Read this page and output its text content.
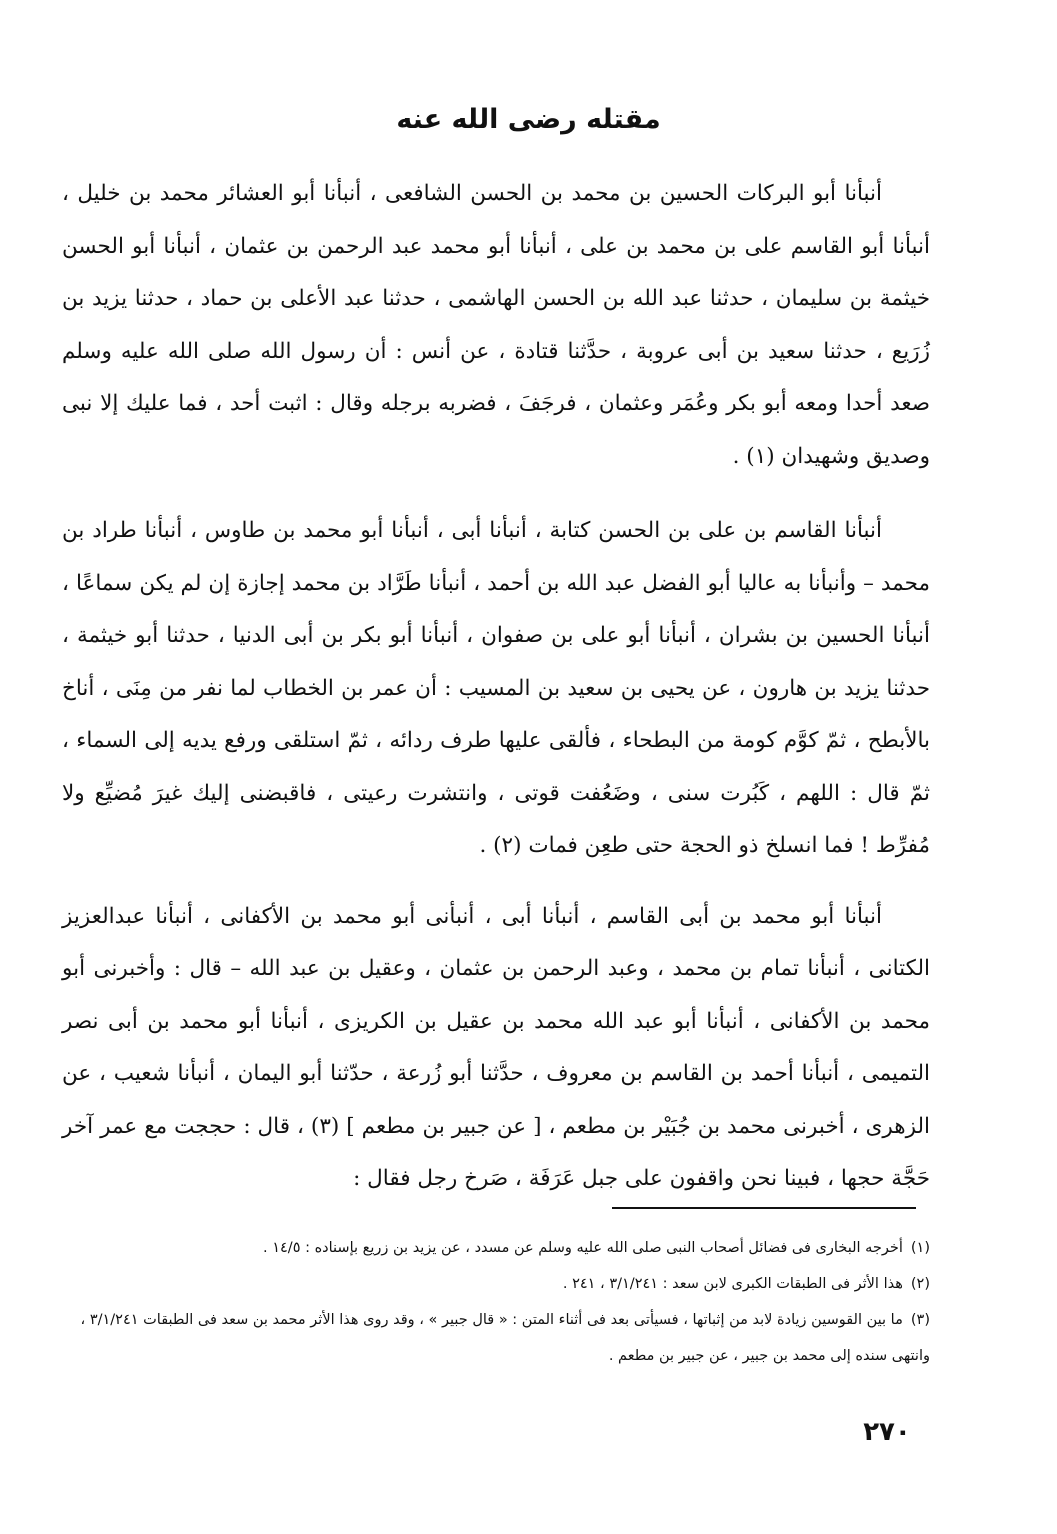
مقتله رضى الله عنه

أنبأنا أبو البركات الحسين بن محمد بن الحسن الشافعى ، أنبأنا أبو العشائر محمد بن خليل ، أنبأنا أبو القاسم على بن محمد بن على ، أنبأنا أبو محمد عبد الرحمن بن عثمان ، أنبأنا أبو الحسن خيثمة بن سليمان ، حدثنا عبد الله بن الحسن الهاشمى ، حدثنا عبد الأعلى بن حماد ، حدثنا يزيد بن زُرَيع ، حدثنا سعيد بن أبى عروبة ، حدَّثنا قتادة ، عن أنس : أن رسول الله صلى الله عليه وسلم صعد أحدا ومعه أبو بكر وعُمَر وعثمان ، فرجَفَ ، فضربه برجله وقال : اثبت أحد ، فما عليك إلا نبى وصديق وشهيدان (١) .

أنبأنا القاسم بن على بن الحسن كتابة ، أنبأنا أبى ، أنبأنا أبو محمد بن طاوس ، أنبأنا طراد بن محمد – وأنبأنا به عاليا أبو الفضل عبد الله بن أحمد ، أنبأنا طَرَّاد بن محمد إجازة إن لم يكن سماعًا ، أنبأنا الحسين بن بشران ، أنبأنا أبو على بن صفوان ، أنبأنا أبو بكر بن أبى الدنيا ، حدثنا أبو خيثمة ، حدثنا يزيد بن هارون ، عن يحيى بن سعيد بن المسيب : أن عمر بن الخطاب لما نفر من مِنَى ، أناخ بالأبطح ، ثمّ كوَّم كومة من البطحاء ، فألقى عليها طرف ردائه ، ثمّ استلقى ورفع يديه إلى السماء ، ثمّ قال : اللهم ، كَبُرت سنى ، وضَعُفت قوتى ، وانتشرت رعيتى ، فاقبضنى إليك غيرَ مُضيِّع ولا مُفرِّط ! فما انسلخ ذو الحجة حتى طعِن فمات (٢) .

أنبأنا أبو محمد بن أبى القاسم ، أنبأنا أبى ، أنبأنى أبو محمد بن الأكفانى ، أنبأنا عبدالعزيز الكتانى ، أنبأنا تمام بن محمد ، وعبد الرحمن بن عثمان ، وعقيل بن عبد الله – قال : وأخبرنى أبو محمد بن الأكفانى ، أنبأنا أبو عبد الله محمد بن عقيل بن الكريزى ، أنبأنا أبو محمد بن أبى نصر التميمى ، أنبأنا أحمد بن القاسم بن معروف ، حدَّثنا أبو زُرعة ، حدّثنا أبو اليمان ، أنبأنا شعيب ، عن الزهرى ، أخبرنى محمد بن جُبَيْر بن مطعم ، [ عن جبير بن مطعم ] (٣) ، قال : حججت مع عمر آخر حَجَّة حجها ، فبينا نحن واقفون على جبل عَرَفَة ، صَرخ رجل فقال :

(١)أخرجه البخارى فى فضائل أصحاب النبى صلى الله عليه وسلم عن مسدد ، عن يزيد بن زريع بإسناده : ١٤/٥ .

(٢)هذا الأثر فى الطبقات الكبرى لابن سعد : ٣/١/٢٤١ ، ٢٤١ .

(٣)ما بين القوسين زيادة لابد من إثباتها ، فسيأتى بعد فى أثناء المتن : « قال جبير » ، وقد روى هذا الأثر محمد بن سعد فى الطبقات ٣/١/٢٤١ ، وانتهى سنده إلى محمد بن جبير ، عن جبير بن مطعم .

٢٧٠
